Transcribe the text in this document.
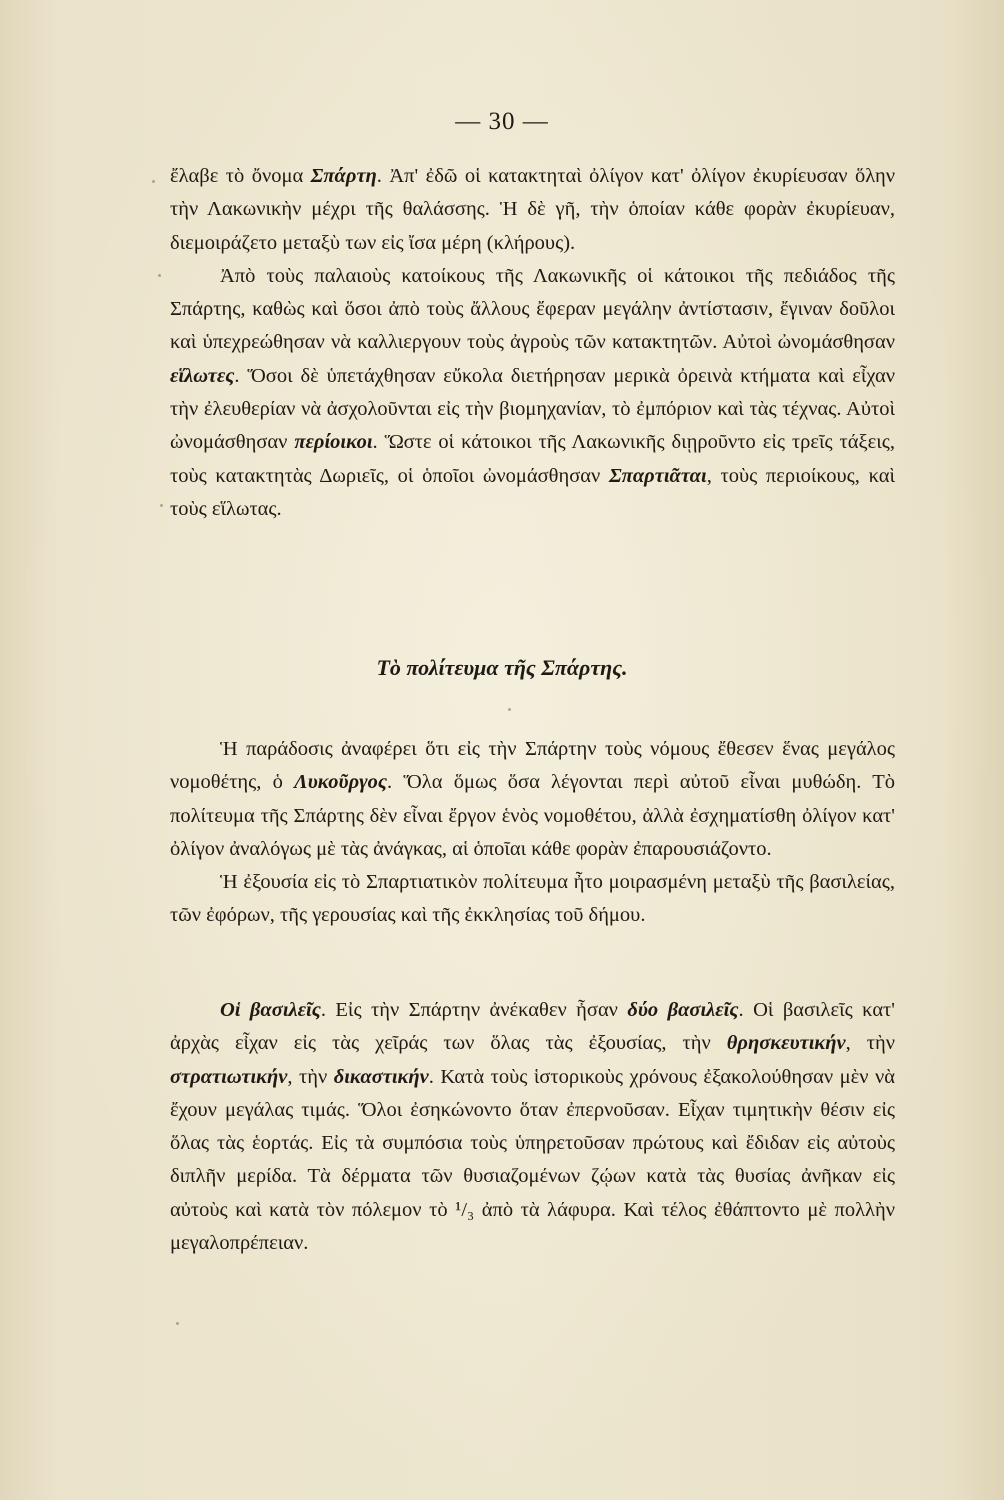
— 30 —

ἔλαβε τὸ ὄνομα Σπάρτη. Ἀπ' ἐδῶ οἱ κατακτηταὶ ὀλίγον κατ' ὀλίγον ἐκυρίευσαν ὅλην τὴν Λακωνικὴν μέχρι τῆς θαλάσσης. Ἡ δὲ γῆ, τὴν ὁποίαν κάθε φορὰν ἐκυρίευαν, διεμοιράζετο μεταξὺ των εἰς ἴσα μέρη (κλήρους).

Ἀπὸ τοὺς παλαιοὺς κατοίκους τῆς Λακωνικῆς οἱ κάτοικοι τῆς πεδιάδος τῆς Σπάρτης, καθὼς καὶ ὅσοι ἀπὸ τοὺς ἄλλους ἔφεραν μεγάλην ἀντίστασιν, ἔγιναν δοῦλοι καὶ ὑπεχρεώθησαν νὰ καλλιεργουν τοὺς ἀγροὺς τῶν κατακτητῶν. Αὐτοὶ ὠνομάσθησαν εἵλωτες. Ὅσοι δὲ ὑπετάχθησαν εὔκολα διετήρησαν μερικὰ ὀρεινὰ κτήματα καὶ εἶχαν τὴν ἐλευθερίαν νὰ ἀσχολοῦνται εἰς τὴν βιομηχανίαν, τὸ ἐμπόριον καὶ τὰς τέχνας. Αὐτοὶ ὠνομάσθησαν περίοικοι. Ὥστε οἱ κάτοικοι τῆς Λακωνικῆς διῃροῦντο εἰς τρεῖς τάξεις, τοὺς κατακτητὰς Δωριεῖς, οἱ ὁποῖοι ὠνομάσθησαν Σπαρτιᾶται, τοὺς περιοίκους, καὶ τοὺς εἵλωτας.

Τὸ πολίτευμα τῆς Σπάρτης.

Ἡ παράδοσις ἀναφέρει ὅτι εἰς τὴν Σπάρτην τοὺς νόμους ἔθεσεν ἕνας μεγάλος νομοθέτης, ὁ Λυκοῦργος. Ὅλα ὅμως ὅσα λέγονται περὶ αὐτοῦ εἶναι μυθώδη. Τὸ πολίτευμα τῆς Σπάρτης δὲν εἶναι ἔργον ἑνὸς νομοθέτου, ἀλλὰ ἐσχηματίσθη ὀλίγον κατ' ὀλίγον ἀναλόγως μὲ τὰς ἀνάγκας, αἱ ὁποῖαι κάθε φορὰν ἐπαρουσιάζοντο.

Ἡ ἐξουσία εἰς τὸ Σπαρτιατικὸν πολίτευμα ἦτο μοιρασμένη μεταξὺ τῆς βασιλείας, τῶν ἐφόρων, τῆς γερουσίας καὶ τῆς ἐκκλησίας τοῦ δήμου.

Οἱ βασιλεῖς. Εἰς τὴν Σπάρτην ἀνέκαθεν ἦσαν δύο βασιλεῖς. Οἱ βασιλεῖς κατ' ἀρχὰς εἶχαν εἰς τὰς χεῖράς των ὅλας τὰς ἐξουσίας, τὴν θρησκευτικήν, τὴν στρατιωτικήν, τὴν δικαστικήν. Κατὰ τοὺς ἱστορικοὺς χρόνους ἐξακολούθησαν μὲν νὰ ἔχουν μεγάλας τιμάς. Ὅλοι ἐσηκώνοντο ὅταν ἐπερνοῦσαν. Εἶχαν τιμητικὴν θέσιν εἰς ὅλας τὰς ἑορτάς. Εἰς τὰ συμπόσια τοὺς ὑπηρετοῦσαν πρώτους καὶ ἔδιδαν εἰς αὐτοὺς διπλῆν μερίδα. Τὰ δέρματα τῶν θυσιαζομένων ζῴων κατὰ τὰς θυσίας ἀνῆκαν εἰς αὐτοὺς καὶ κατὰ τὸν πόλεμον τὸ ¹/₃ ἀπὸ τὰ λάφυρα. Καὶ τέλος ἐθάπτοντο μὲ πολλὴν μεγαλοπρέπειαν.
